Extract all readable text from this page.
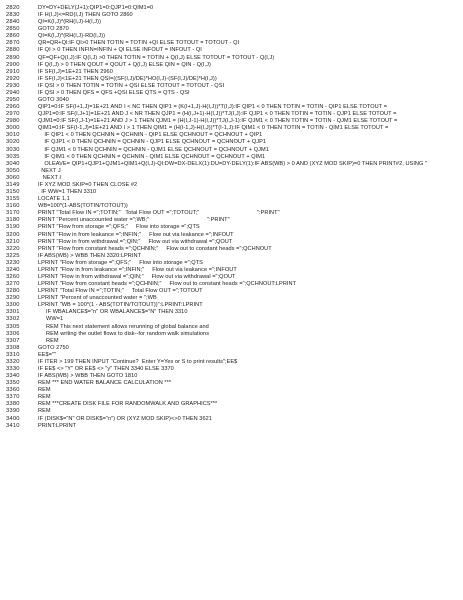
2820	DY=DY+DELY(J+1):QIP1=0:QJP1=0:QIM1=0
2830	IF H(I,J)<=RD(I,J) THEN GOTO 2860
2840	QI=K(I,J)*(RH(I,J)-H(I,J))
2850	GOTO 2870
2860	QI=K(I,J)*(RH(I,J)-RD(I,J))
2870	QR=QR+QI:IF QI>0 THEN TOTIN = TOTIN +QI ELSE TOTOUT = TOTOUT - QI
2880	IF QI > 0 THEN INFIN=INFIN + QI ELSE INFOUT = INFOUT - QI
2890	QF=QF+Q(I,J):IF Q(I,J) >0 THEN TOTIN = TOTIN + Q(I,J) ELSE TOTOUT = TOTOUT - Q(I,J)
2900	IF Q(I,J) > 0 THEN QOUT = QOUT + Q(I,J) ELSE QIN = QIN - Q(I,J)
2910	IF SF(I,J)=1E+21 THEN 2960
2920	IF SF(I,J)<1E+21 THEN QSI=((SF(I,J)/DE)*HO(I,J)-(SF(I,J)/DE)*H(I,J))
2930	IF QSI > 0 THEN TOTIN = TOTIN + QSI ELSE TOTOUT = TOTOUT - QSI
2940	IF QSI > 0 THEN QFS = QFS +QSI ELSE QTS = QTS - QSI
2950	GOTO 3040
2960	QIP1=0:IF SF(I+1,J)=1E+21 AND I < NC THEN QIP1 = (K(I+1,J)-H(I,J))*T(I,J):IF QIP1 < 0 THEN TOTIN = TOTIN - QIP1 ELSE TOTOUT =
2970	QJP1=0:IF SF(I,J+1)=1E+21 AND J < NR THEN QJP1 = (H(I,J+1)-H(I,J))*TJ(I,J):IF QJP1 < 0 THEN TOTIN = TOTIN - QJP1 ELSE TOTOUT =
2980	QJM1=0:IF SF(I,J-1)=1E+21 AND J > 1 THEN QJM1 = (H(I,J-1)-H(I,J))*TJ(I,J-1):IF QJM1 < 0 THEN TOTIN = TOTIN - QJM1 ELSE TOTOUT =
3000	QIM1=0:IF SF(I-1,J)=1E+21 AND I > 1 THEN QIM1 = (H(I-1,J)-H(I,J))*T(I-1,J):IF QIM1 < 0 THEN TOTIN = TOTIN - QIM1 ELSE TOTOUT =
3010	IF QIP1 < 0 THEN QCHNIN = QCHNIN - QIP1 ELSE QCHNOUT = QCHNOUT + QIP1
3020	IF QJP1 < 0 THEN QCHNIN = QCHNIN - QJP1 ELSE QCHNOUT = QCHNOUT + QJP1
3030	IF QJM1 < 0 THEN QCHNIN = QCHNIN - QJM1 ELSE QCHNOUT = QCHNOUT + QJM1
3035	IF QIM1 < 0 THEN QCHNIN = QCHNIN - QIM1 ELSE QCHNOUT = QCHNOUT + QIM1
3040	OLEAVE= QIP1+QJP1+QJM1+QIM1+Q(I,J)-QI:DW=DX-DELX(1):DU=DY-DELY(1):IF ABS(WB) > 0 AND (XYZ MOD SKIP)=0 THEN PRINT#2, USING "
3050	NEXT J
3060	NEXT I
3149	IF XYZ MOD SKIP=0 THEN CLOSE #2
3150	IF WW=1 THEN 3310
3155	LOCATE 1,1
3160	WB=100*(1-ABS(TOTIN/TOTOUT))
3170	PRINT "Total Flow IN =";TOTIN;"   Total Flow OUT =";TOTOUT;"                                    ":PRINT"
3180	PRINT "Percent unaccounted water =";WB;"                                    ":PRINT"
3190	PRINT "Flow from storage =";QFS;"     Flow into storage =";QTS
3200	PRINT "Flow in from leakance =";INFIN;"     Flow out via leakance =";INFOUT
3210	PRINT "Flow in from withdrawal =";QIN;"     Flow out via withdrawal =";QOUT
3220	PRINT "Flow from constant heads =";QCHNIN;"     Flow out to constant heads =";QCHNOUT
3225	IF ABS(WB) > WBB THEN 3320:LPRINT
3230	LPRINT "Flow from storage =";QFS;"     Flow into storage =";QTS
3240	LPRINT "Flow in from leakance =";INFIN;"     Flow out via leakance =";INFOUT
3260	LPRINT "Flow in from withdrawal =";QIN;"     Flow out via withdrawal =";QOUT
3270	LPRINT "Flow from constant heads =";QCHNIN;"     Flow out to constant heads =";QCHNOUT:LPRINT
3280	LPRINT "Total Flow IN =";TOTIN;"     Total Flow OUT =";TOTOUT
3290	LPRINT "Percent of unaccounted water = ";WB
3300	LPRINT "WB = 100*(1 - ABS(TOTIN/TOTOUT))":LPRINT:LPRINT
3301	IF WBALANCE$="n" OR WBALANCE$="N" THEN 3310
3302	WW=1
3305	REM This next statement allows rerunning of global balance and
3306	REM writing the outlet flows to disk--for random walk simulations
3307	REM
3308	GOTO 2750
3310	EE$=""
3320	IF ITER > 199 THEN INPUT "Continue?  Enter Y=Yes or S to print results";EE$
3330	IF EE$ <> "Y" OR EE$ <> "y" THEN 3340 ELSE 3370
3340	IF ABS(WB) > WBB THEN GOTO 1810
3350	REM *** END WATER BALANCE CALCULATION ***
3360	REM
3370	REM
3380	REM ***CREATE DISK FILE FOR RANDOMWALK AND GRAPHICS***
3390	REM
3400	IF (DISK$="N" OR DISK$="n") OR (XYZ MOD SKIP)<>0 THEN 3621
3410	PRINT:LPRINT
